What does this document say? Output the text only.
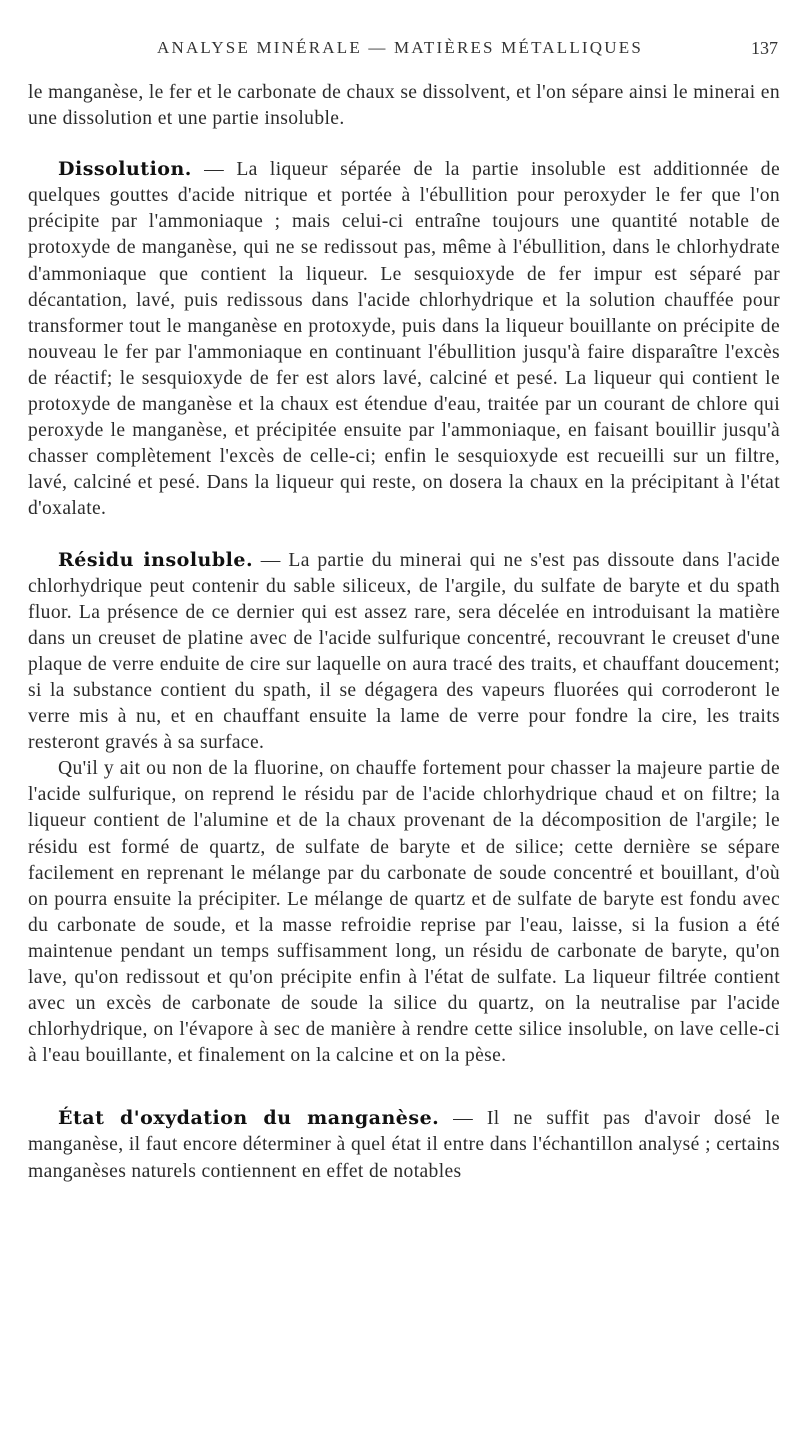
ANALYSE MINÉRALE — MATIÈRES MÉTALLIQUES	137

le manganèse, le fer et le carbonate de chaux se dissolvent, et l'on sépare ainsi le minerai en une dissolution et une partie insoluble.

Dissolution. — La liqueur séparée de la partie insoluble est additionnée de quelques gouttes d'acide nitrique et portée à l'ébullition pour peroxyder le fer que l'on précipite par l'ammoniaque ; mais celui-ci entraîne toujours une quantité notable de protoxyde de manganèse, qui ne se redissout pas, même à l'ébullition, dans le chlorhydrate d'ammoniaque que contient la liqueur. Le sesquioxyde de fer impur est séparé par décantation, lavé, puis redissous dans l'acide chlorhydrique et la solution chauffée pour transformer tout le manganèse en protoxyde, puis dans la liqueur bouillante on précipite de nouveau le fer par l'ammoniaque en continuant l'ébullition jusqu'à faire disparaître l'excès de réactif; le sesquioxyde de fer est alors lavé, calciné et pesé. La liqueur qui contient le protoxyde de manganèse et la chaux est étendue d'eau, traitée par un courant de chlore qui peroxyde le manganèse, et précipitée ensuite par l'ammoniaque, en faisant bouillir jusqu'à chasser complètement l'excès de celle-ci; enfin le sesquioxyde est recueilli sur un filtre, lavé, calciné et pesé. Dans la liqueur qui reste, on dosera la chaux en la précipitant à l'état d'oxalate.

Résidu insoluble. — La partie du minerai qui ne s'est pas dissoute dans l'acide chlorhydrique peut contenir du sable siliceux, de l'argile, du sulfate de baryte et du spath fluor. La présence de ce dernier qui est assez rare, sera décelée en introduisant la matière dans un creuset de platine avec de l'acide sulfurique concentré, recouvrant le creuset d'une plaque de verre enduite de cire sur laquelle on aura tracé des traits, et chauffant doucement; si la substance contient du spath, il se dégagera des vapeurs fluorées qui corroderont le verre mis à nu, et en chauffant ensuite la lame de verre pour fondre la cire, les traits resteront gravés à sa surface.

Qu'il y ait ou non de la fluorine, on chauffe fortement pour chasser la majeure partie de l'acide sulfurique, on reprend le résidu par de l'acide chlorhydrique chaud et on filtre; la liqueur contient de l'alumine et de la chaux provenant de la décomposition de l'argile; le résidu est formé de quartz, de sulfate de baryte et de silice; cette dernière se sépare facilement en reprenant le mélange par du carbonate de soude concentré et bouillant, d'où on pourra ensuite la précipiter. Le mélange de quartz et de sulfate de baryte est fondu avec du carbonate de soude, et la masse refroidie reprise par l'eau, laisse, si la fusion a été maintenue pendant un temps suffisamment long, un résidu de carbonate de baryte, qu'on lave, qu'on redissout et qu'on précipite enfin à l'état de sulfate. La liqueur filtrée contient avec un excès de carbonate de soude la silice du quartz, on la neutralise par l'acide chlorhydrique, on l'évapore à sec de manière à rendre cette silice insoluble, on lave celle-ci à l'eau bouillante, et finalement on la calcine et on la pèse.

État d'oxydation du manganèse. — Il ne suffit pas d'avoir dosé le manganèse, il faut encore déterminer à quel état il entre dans l'échantillon analysé ; certains manganèses naturels contiennent en effet de notables
